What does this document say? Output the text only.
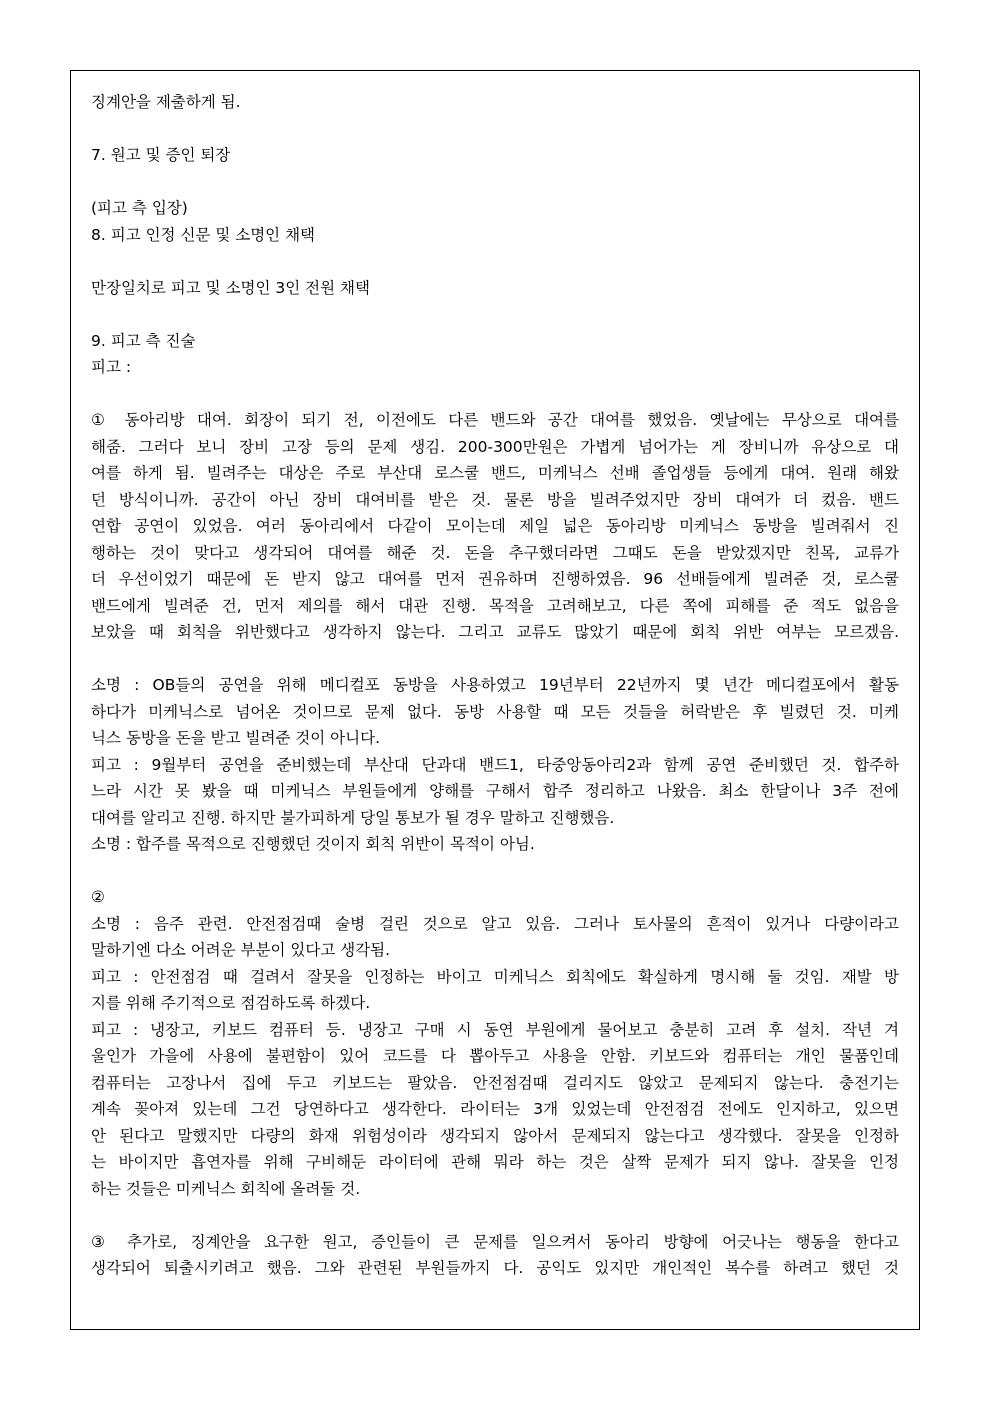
징계안을 제출하게 됨.
7. 원고 및 증인 퇴장
(피고 측 입장)
8. 피고 인정 신문 및 소명인 채택
만장일치로 피고 및 소명인 3인 전원 채택
9. 피고 측 진술
피고 :
① 동아리방 대여. 회장이 되기 전, 이전에도 다른 밴드와 공간 대여를 했었음. 옛날에는 무상으로 대여를
해줌. 그러다 보니 장비 고장 등의 문제 생김. 200-300만원은 가볍게 넘어가는 게 장비니까 유상으로 대
여를 하게 됨. 빌려주는 대상은 주로 부산대 로스쿨 밴드, 미케닉스 선배 졸업생들 등에게 대여. 원래 해왔
던 방식이니까. 공간이 아닌 장비 대여비를 받은 것. 물론 방을 빌려주었지만 장비 대여가 더 컸음. 밴드
연합 공연이 있었음. 여러 동아리에서 다같이 모이는데 제일 넓은 동아리방 미케닉스 동방을 빌려줘서 진
행하는 것이 맞다고 생각되어 대여를 해준 것. 돈을 추구했더라면 그때도 돈을 받았겠지만 친목, 교류가
더 우선이었기 때문에 돈 받지 않고 대여를 먼저 권유하며 진행하였음. 96 선배들에게 빌려준 것, 로스쿨
밴드에게 빌려준 건, 먼저 제의를 해서 대관 진행. 목적을 고려해보고, 다른 쪽에 피해를 준 적도 없음을
보았을 때 회칙을 위반했다고 생각하지 않는다. 그리고 교류도 많았기 때문에 회칙 위반 여부는 모르겠음.
소명 : OB들의 공연을 위해 메디컬포 동방을 사용하였고 19년부터 22년까지 몇 년간 메디컬포에서 활동
하다가 미케닉스로 넘어온 것이므로 문제 없다. 동방 사용할 때 모든 것들을 허락받은 후 빌렸던 것. 미케
닉스 동방을 돈을 받고 빌려준 것이 아니다.
피고 : 9월부터 공연을 준비했는데 부산대 단과대 밴드1, 타중앙동아리2과 함께 공연 준비했던 것. 합주하
느라 시간 못 봤을 때 미케닉스 부원들에게 양해를 구해서 합주 정리하고 나왔음. 최소 한달이나 3주 전에
대여를 알리고 진행. 하지만 불가피하게 당일 통보가 될 경우 말하고 진행했음.
소명 : 합주를 목적으로 진행했던 것이지 회칙 위반이 목적이 아님.
②
소명 : 음주 관련. 안전점검때 술병 걸린 것으로 알고 있음. 그러나 토사물의 흔적이 있거나 다량이라고
말하기엔 다소 어려운 부분이 있다고 생각됨.
피고 : 안전점검 때 걸려서 잘못을 인정하는 바이고 미케닉스 회칙에도 확실하게 명시해 둘 것임. 재발 방
지를 위해 주기적으로 점검하도록 하겠다.
피고 : 냉장고, 키보드 컴퓨터 등. 냉장고 구매 시 동연 부원에게 물어보고 충분히 고려 후 설치. 작년 겨
울인가 가을에 사용에 불편함이 있어 코드를 다 뽑아두고 사용을 안함. 키보드와 컴퓨터는 개인 물품인데
컴퓨터는 고장나서 집에 두고 키보드는 팔았음. 안전점검때 걸리지도 않았고 문제되지 않는다. 충전기는
계속 꽂아져 있는데 그건 당연하다고 생각한다. 라이터는 3개 있었는데 안전점검 전에도 인지하고, 있으면
안 된다고 말했지만 다량의 화재 위험성이라 생각되지 않아서 문제되지 않는다고 생각했다. 잘못을 인정하
는 바이지만 흡연자를 위해 구비해둔 라이터에 관해 뭐라 하는 것은 살짝 문제가 되지 않나. 잘못을 인정
하는 것들은 미케닉스 회칙에 올려둘 것.
③ 추가로, 징계안을 요구한 원고, 증인들이 큰 문제를 일으켜서 동아리 방향에 어긋나는 행동을 한다고
생각되어 퇴출시키려고 했음. 그와 관련된 부원들까지 다. 공익도 있지만 개인적인 복수를 하려고 했던 것
